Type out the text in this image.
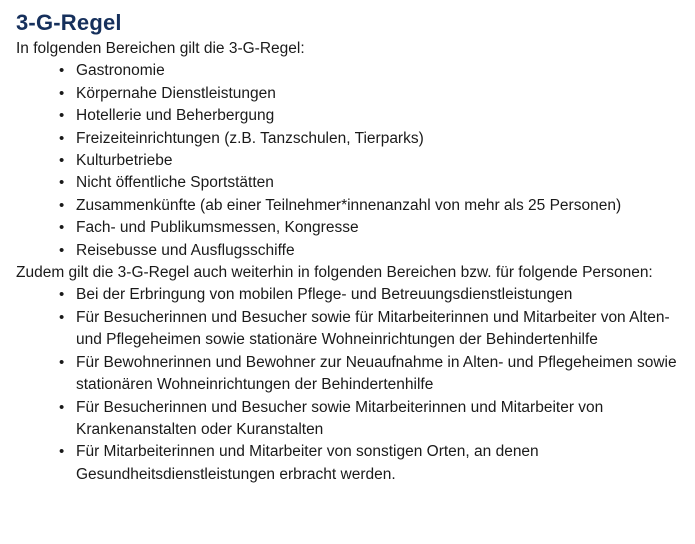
3-G-Regel

In folgenden Bereichen gilt die 3-G-Regel:

• Gastronomie
• Körpernahe Dienstleistungen
• Hotellerie und Beherbergung
• Freizeiteinrichtungen (z.B. Tanzschulen, Tierparks)
• Kulturbetriebe
• Nicht öffentliche Sportstätten
• Zusammenkünfte (ab einer Teilnehmer*innenanzahl von mehr als 25 Personen)
• Fach- und Publikumsmessen, Kongresse
• Reisebusse und Ausflugsschiffe

Zudem gilt die 3-G-Regel auch weiterhin in folgenden Bereichen bzw. für folgende Personen:

• Bei der Erbringung von mobilen Pflege- und Betreuungsdienstleistungen
• Für Besucherinnen und Besucher sowie für Mitarbeiterinnen und Mitarbeiter von Alten- und Pflegeheimen sowie stationäre Wohneinrichtungen der Behindertenhilfe
• Für Bewohnerinnen und Bewohner zur Neuaufnahme in Alten- und Pflegeheimen sowie stationären Wohneinrichtungen der Behindertenhilfe
• Für Besucherinnen und Besucher sowie Mitarbeiterinnen und Mitarbeiter von Krankenanstalten oder Kuranstalten
• Für Mitarbeiterinnen und Mitarbeiter von sonstigen Orten, an denen Gesundheitsdienstleistungen erbracht werden.
